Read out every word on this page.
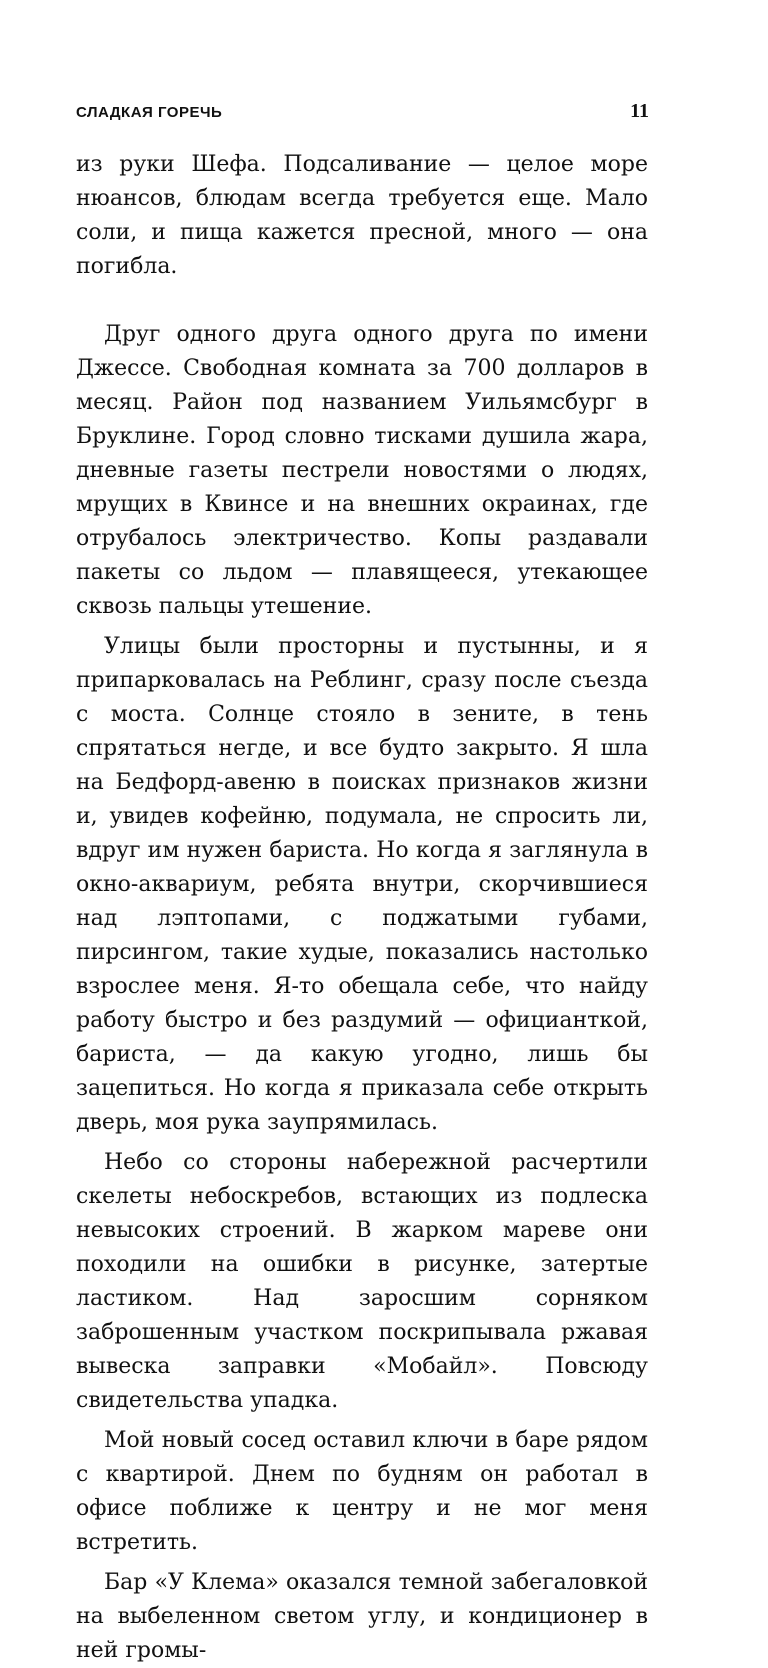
СЛАДКАЯ ГОРЕЧЬ	11

из руки Шефа. Подсаливание — целое море нюансов, блюдам всегда требуется еще. Мало соли, и пища кажется пресной, много — она погибла.

Друг одного друга одного друга по имени Джессе. Свободная комната за 700 долларов в месяц. Район под названием Уильямсбург в Бруклине. Город словно тисками душила жара, дневные газеты пестрели новостями о людях, мрущих в Квинсе и на внешних окраинах, где отрубалось электричество. Копы раздавали пакеты со льдом — плавящееся, утекающее сквозь пальцы утешение.

Улицы были просторны и пустынны, и я припарковалась на Реблинг, сразу после съезда с моста. Солнце стояло в зените, в тень спрятаться негде, и все будто закрыто. Я шла на Бедфорд-авеню в поисках признаков жизни и, увидев кофейню, подумала, не спросить ли, вдруг им нужен бариста. Но когда я заглянула в окно-аквариум, ребята внутри, скорчившиеся над лэптопами, с поджатыми губами, пирсингом, такие худые, показались настолько взрослее меня. Я-то обещала себе, что найду работу быстро и без раздумий — официанткой, бариста, — да какую угодно, лишь бы зацепиться. Но когда я приказала себе открыть дверь, моя рука заупрямилась.

Небо со стороны набережной расчертили скелеты небоскребов, встающих из подлеска невысоких строений. В жарком мареве они походили на ошибки в рисунке, затертые ластиком. Над заросшим сорняком заброшенным участком поскрипывала ржавая вывеска заправки «Мобайл». Повсюду свидетельства упадка.

Мой новый сосед оставил ключи в баре рядом с квартирой. Днем по будням он работал в офисе поближе к центру и не мог меня встретить.

Бар «У Клема» оказался темной забегаловкой на выбеленном светом углу, и кондиционер в ней громы-
